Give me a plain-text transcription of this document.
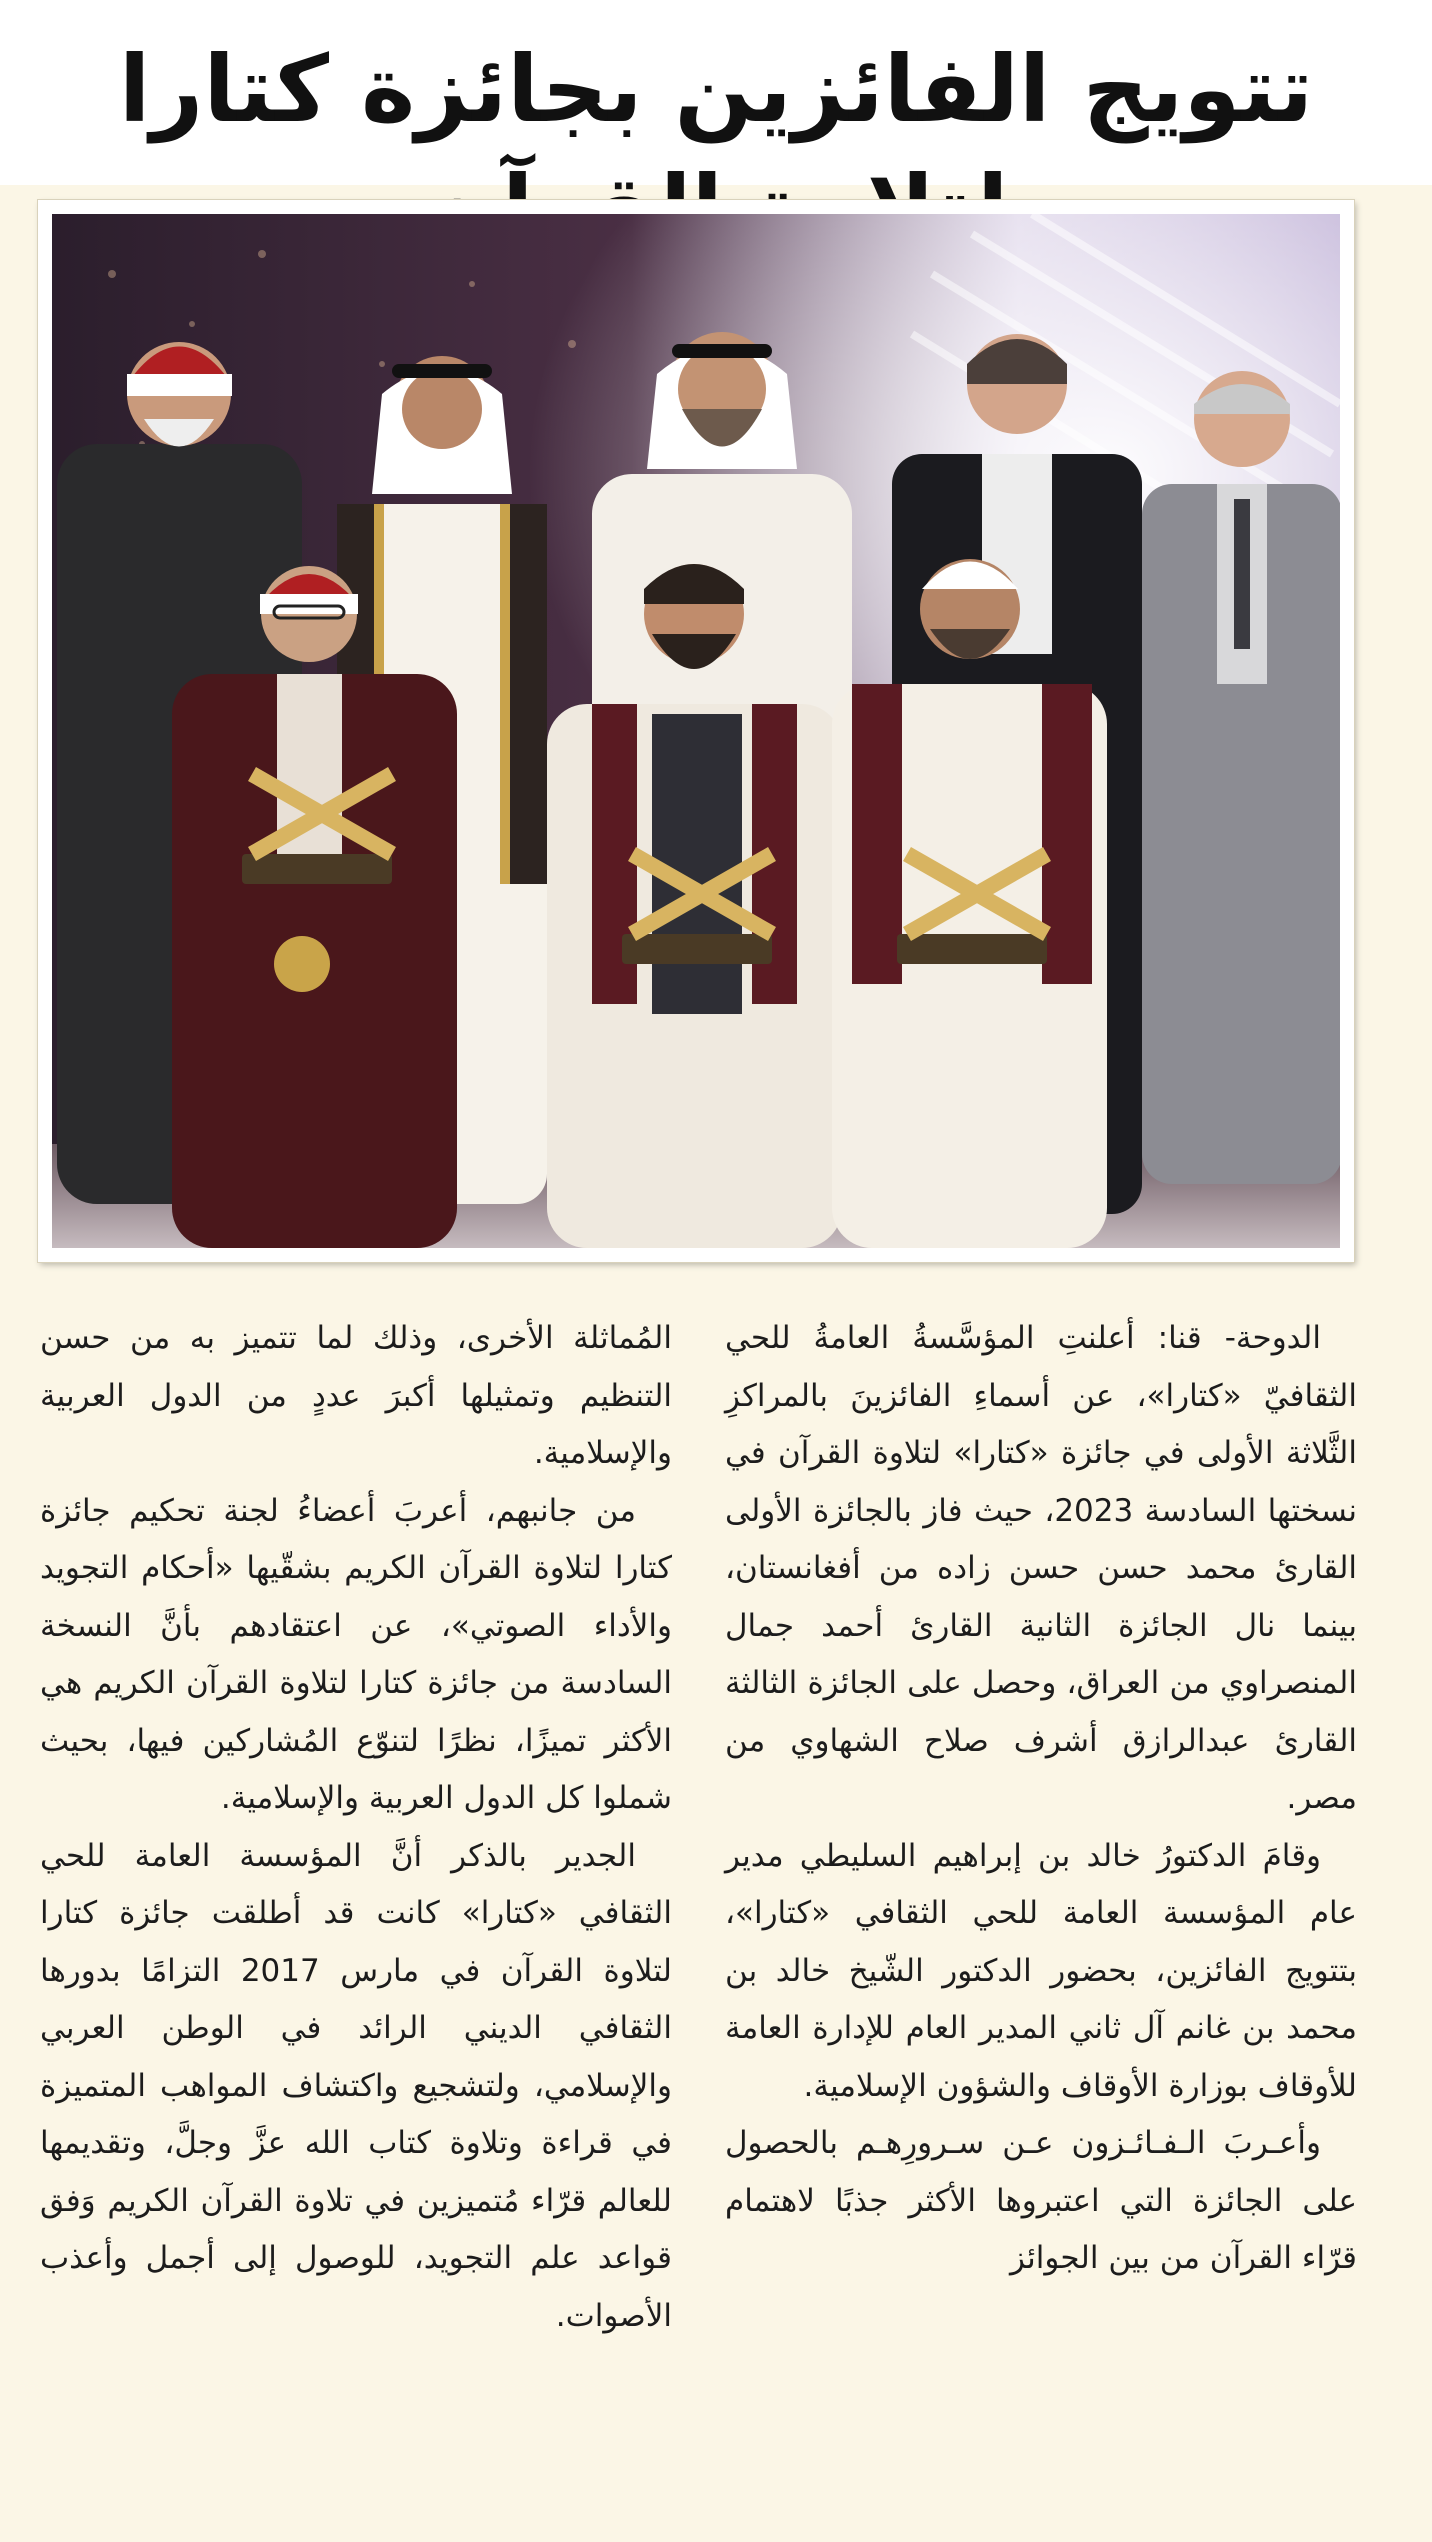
تتويج الفائزين بجائزة كتارا

الدوحة- قنا: أعلنتِ المؤسَّسةُ العامةُ للحي الثقافيّ «كتارا»، عن أسماءِ الفائزينَ بالمراكزِ الثَّلاثة الأولى في جائزة «كتارا» لتلاوة القرآن في نسختها السادسة 2023، حيث فاز بالجائزة الأولى القارئ محمد حسن حسن زاده من أفغانستان، بينما نال الجائزة الثانية القارئ أحمد جمال المنصراوي من العراق، وحصل على الجائزة الثالثة القارئ عبدالرازق أشرف صلاح الشهاوي من مصر.

وقامَ الدكتورُ خالد بن إبراهيم السليطي مدير عام المؤسسة العامة للحي الثقافي «كتارا»، بتتويج الفائزين، بحضور الدكتور الشّيخ خالد بن محمد بن غانم آل ثاني المدير العام للإدارة العامة للأوقاف بوزارة الأوقاف والشؤون الإسلامية.

وأعـربَ الـفـائـزون عـن سـرورِهـم بالحصول على الجائزة التي اعتبروها الأكثر جذبًا لاهتمام قرّاء القرآن من بين الجوائز

المُماثلة الأخرى، وذلك لما تتميز به من حسن التنظيم وتمثيلها أكبرَ عددٍ من الدول العربية والإسلامية.

من جانبهم، أعربَ أعضاءُ لجنة تحكيم جائزة كتارا لتلاوة القرآن الكريم بشقّيها «أحكام التجويد والأداء الصوتي»، عن اعتقادهم بأنَّ النسخة السادسة من جائزة كتارا لتلاوة القرآن الكريم هي الأكثر تميزًا، نظرًا لتنوّع المُشاركين فيها، بحيث شملوا كل الدول العربية والإسلامية.

الجدير بالذكر أنَّ المؤسسة العامة للحي الثقافي «كتارا» كانت قد أطلقت جائزة كتارا لتلاوة القرآن في مارس 2017 التزامًا بدورها الثقافي الديني الرائد في الوطن العربي والإسلامي، ولتشجيع واكتشاف المواهب المتميزة في قراءة وتلاوة كتاب الله عزَّ وجلَّ، وتقديمها للعالم قرّاء مُتميزين في تلاوة القرآن الكريم وَفق قواعد علم التجويد، للوصول إلى أجمل وأعذب الأصوات.
